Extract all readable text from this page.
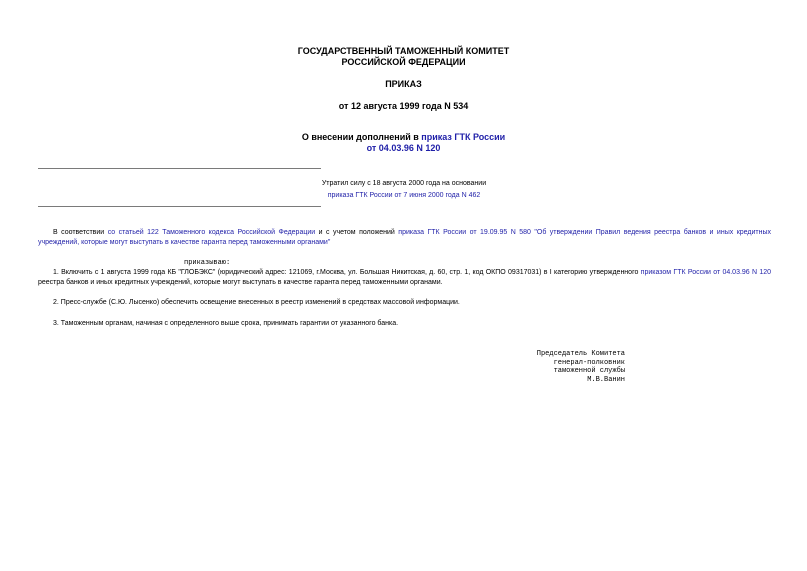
ГОСУДАРСТВЕННЫЙ ТАМОЖЕННЫЙ КОМИТЕТ
РОССИЙСКОЙ ФЕДЕРАЦИИ
ПРИКАЗ
от 12 августа 1999 года N 534
О внесении дополнений в приказ ГТК России
от 04.03.96 N 120
Утратил силу с 18 августа 2000 года на основании
приказа ГТК России от 7 июня 2000 года N 462
В соответствии со статьей 122 Таможенного кодекса Российской Федерации и с учетом положений приказа ГТК России от 19.09.95 N 580 "Об утверждении Правил ведения реестра банков и иных кредитных учреждений, которые могут выступать в качестве гаранта перед таможенными органами"
приказываю:
1. Включить с 1 августа 1999 года КБ "ГЛОБЭКС" (юридический адрес: 121069, г.Москва, ул. Большая Никитская, д. 60, стр. 1, код ОКПО 09317031) в I категорию утвержденного приказом ГТК России от 04.03.96 N 120 реестра банков и иных кредитных учреждений, которые могут выступать в качестве гаранта перед таможенными органами.
2. Пресс-службе (С.Ю. Лысенко) обеспечить освещение внесенных в реестр изменений в средствах массовой информации.
3. Таможенным органам, начиная с определенного выше срока, принимать гарантии от указанного банка.
Председатель Комитета
генерал-полковник
таможенной службы
М.В.Ванин
